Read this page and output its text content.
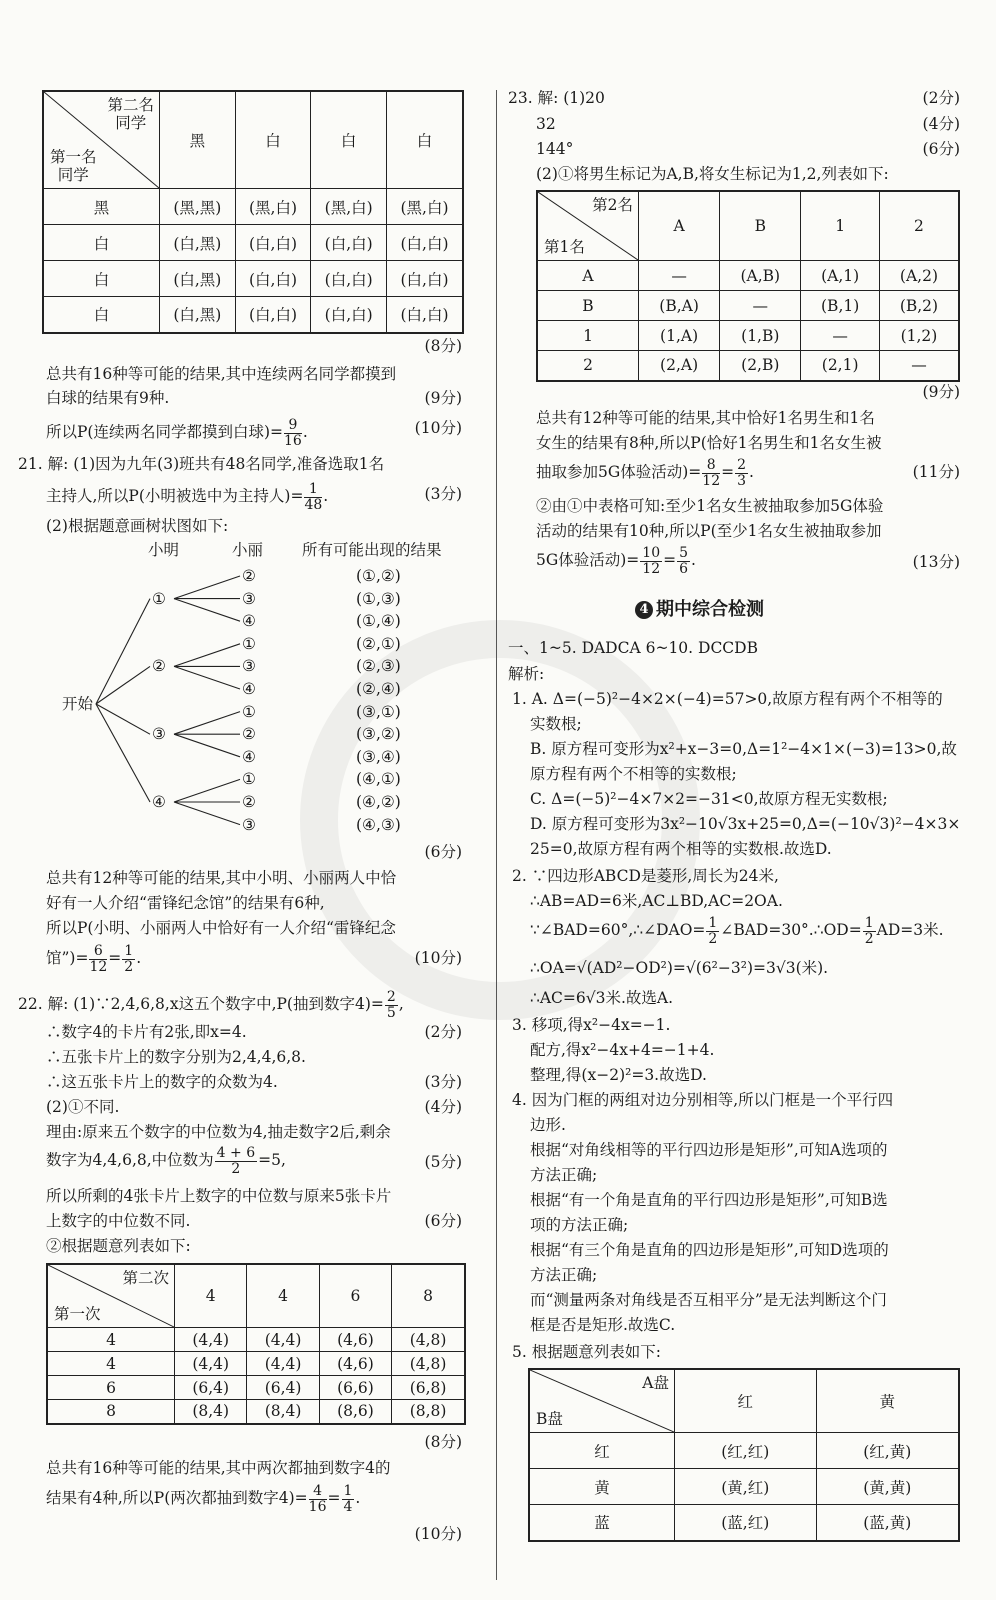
第二名
同学
第一名
同学	黑	白	白	白
黑	(黑,黑)	(黑,白)	(黑,白)	(黑,白)
白	(白,黑)	(白,白)	(白,白)	(白,白)
白	(白,黑)	(白,白)	(白,白)	(白,白)
白	(白,黑)	(白,白)	(白,白)	(白,白)
(8分)
总共有16种等可能的结果,其中连续两名同学都摸到
白球的结果有9种.	(9分)
所以P(连续两名同学都摸到白球)= $\frac{9}{16}$ .	(10分)
21. 解: (1)因为九年(3)班共有48名同学,准备选取1名
主持人,所以P(小明被选中为主持人)= $\frac{1}{48}$ .	(3分)
(2)根据题意画树状图如下:
小明	小丽	所有可能出现的结果
开始
①
②
③
④
②
③
④
①
③
④
①
②
④
①
②
③
(①,②)
(①,③)
(①,④)
(②,①)
(②,③)
(②,④)
(③,①)
(③,②)
(③,④)
(④,①)
(④,②)
(④,③)
(6分)
总共有12种等可能的结果,其中小明、小丽两人中恰
好有一人介绍“雷锋纪念馆”的结果有6种,
所以P(小明、小丽两人中恰好有一人介绍“雷锋纪念
馆”)= $\frac{6}{12} = \frac{1}{2}$ .	(10分)
22. 解: (1)∵2,4,6,8,x这五个数字中,P(抽到数字$4)= \frac{2}{5}$ ,
∴数字4的卡片有2张,即x=4.	(2分)
∴五张卡片上的数字分别为2,4,4,6,8.
∴这五张卡片上的数字的众数为4.	(3分)
(2)①不同.	(4分)
理由:原来五个数字的中位数为4,抽走数字2后,剩余
数字为4,4,6,8,中位数为 $\frac{4 + 6}{2} =5$,	(5分)
所以所剩的4张卡片上数字的中位数与原来5张卡片
上数字的中位数不同.	(6分)
②根据题意列表如下:
第二次
第一次	4	4	6	8
4	(4,4)	(4,4)	(4,6)	(4,8)
4	(4,4)	(4,4)	(4,6)	(4,8)
6	(6,4)	(6,4)	(6,6)	(6,8)
8	(8,4)	(8,4)	(8,6)	(8,8)
(8分)
总共有16种等可能的结果,其中两次都抽到数字4的
结果有4种,所以P(两次都抽到数字$4)= \frac{4}{16} = \frac{1}{4}$ .
(10分)
23. 解: (1)20	(2分)
32	(4分)
144°	(6分)
(2)①将男生标记为A,B,将女生标记为1,2,列表如下:
第2名
第1名	A	B	1	2
A	—	(A,B)	(A,1)	(A,2)
B	(B,A)	—	(B,1)	(B,2)
1	(1,A)	(1,B)	—	(1,2)
2	(2,A)	(2,B)	(2,1)	—
(9分)
总共有12种等可能的结果,其中恰好1名男生和1名
女生的结果有8种,所以P(恰好1名男生和1名女生被
抽取参加5G体验活动)= $\frac{8}{12} = \frac{2}{3}$ .	(11分)
②由①中表格可知:至少1名女生被抽取参加5G体验
活动的结果有10种,所以P(至少1名女生被抽取参加
5G体验活动)= $\frac{10}{12} = \frac{5}{6}$ .	(13分)
4 期中综合检测
一、1~5. DADCA 6~10. DCCDB
解析:
1. A. Δ=(−5)²−4×2×(−4)=57>0,故原方程有两个不相等的
实数根;
B. 原方程可变形为x²+x−3=0,Δ=1²−4×1×(−3)=13>0,故
原方程有两个不相等的实数根;
C. Δ=(−5)²−4×7×2=−31<0,故原方程无实数根;
D. 原方程可变形为3x²−10√3x+25=0,Δ=(−10√3)²−4×3×
25=0,故原方程有两个相等的实数根.故选D.
2. ∵四边形ABCD是菱形,周长为24米,
∴AB=AD=6米,AC⊥BD,AC=2OA.
∵∠BAD=60°,∴∠DAO= $\frac{1}{2}$ ∠BAD=30°.∴OD= $\frac{1}{2} AD=3$米.
∴OA=√(AD²−OD²)=√(6²−3²)=3√3(米).
∴AC=6√3米.故选A.
3. 移项,得x²−4x=−1.
配方,得x²−4x+4=−1+4.
整理,得(x−2)²=3.故选D.
4. 因为门框的两组对边分别相等,所以门框是一个平行四
边形.
根据“对角线相等的平行四边形是矩形”,可知A选项的
方法正确;
根据“有一个角是直角的平行四边形是矩形”,可知B选
项的方法正确;
根据“有三个角是直角的四边形是矩形”,可知D选项的
方法正确;
而“测量两条对角线是否互相平分”是无法判断这个门
框是否是矩形.故选C.
5. 根据题意列表如下:
A盘
B盘	红	黄
红	(红,红)	(红,黄)
黄	(黄,红)	(黄,黄)
蓝	(蓝,红)	(蓝,黄)
